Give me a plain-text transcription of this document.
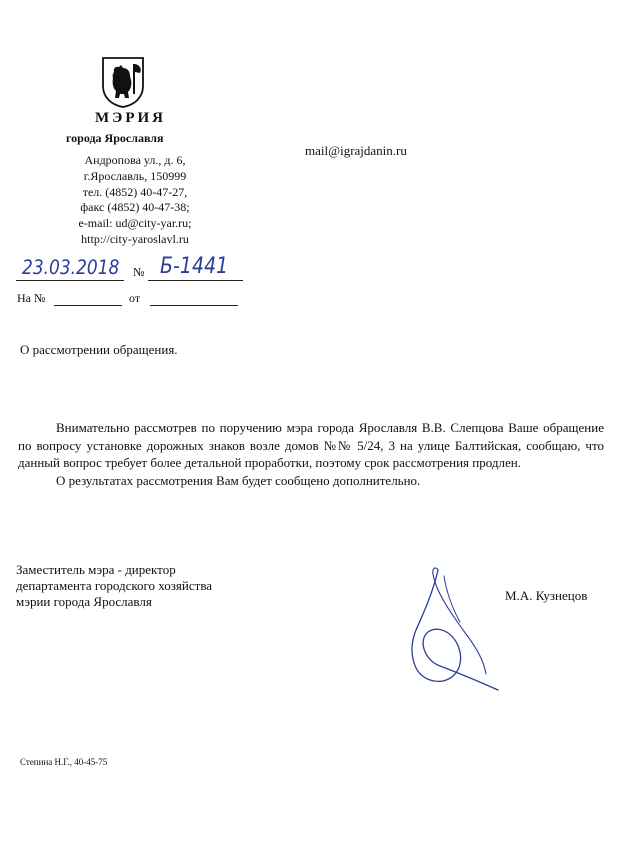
МЭРИЯ
города Ярославля
Андропова ул., д. 6,
г.Ярославль, 150999
тел. (4852) 40-47-27,
факс (4852) 40-47-38;
e-mail: ud@city-yar.ru;
http://city-yaroslavl.ru
mail@igrajdanin.ru
23.03.2018 № Б-1441
На №	от
О рассмотрении обращения.

Внимательно рассмотрев по поручению мэра города Ярославля В.В. Слепцова Ваше обращение по вопросу установке дорожных знаков возле домов №№ 5/24, 3 на улице Балтийская, сообщаю, что данный вопрос требует более детальной проработки, поэтому срок рассмотрения продлен.

О результатах рассмотрения Вам будет сообщено дополнительно.

Заместитель мэра - директор
департамента городского хозяйства
мэрии города Ярославля	М.А. Кузнецов
Степина Н.Г., 40-45-75
